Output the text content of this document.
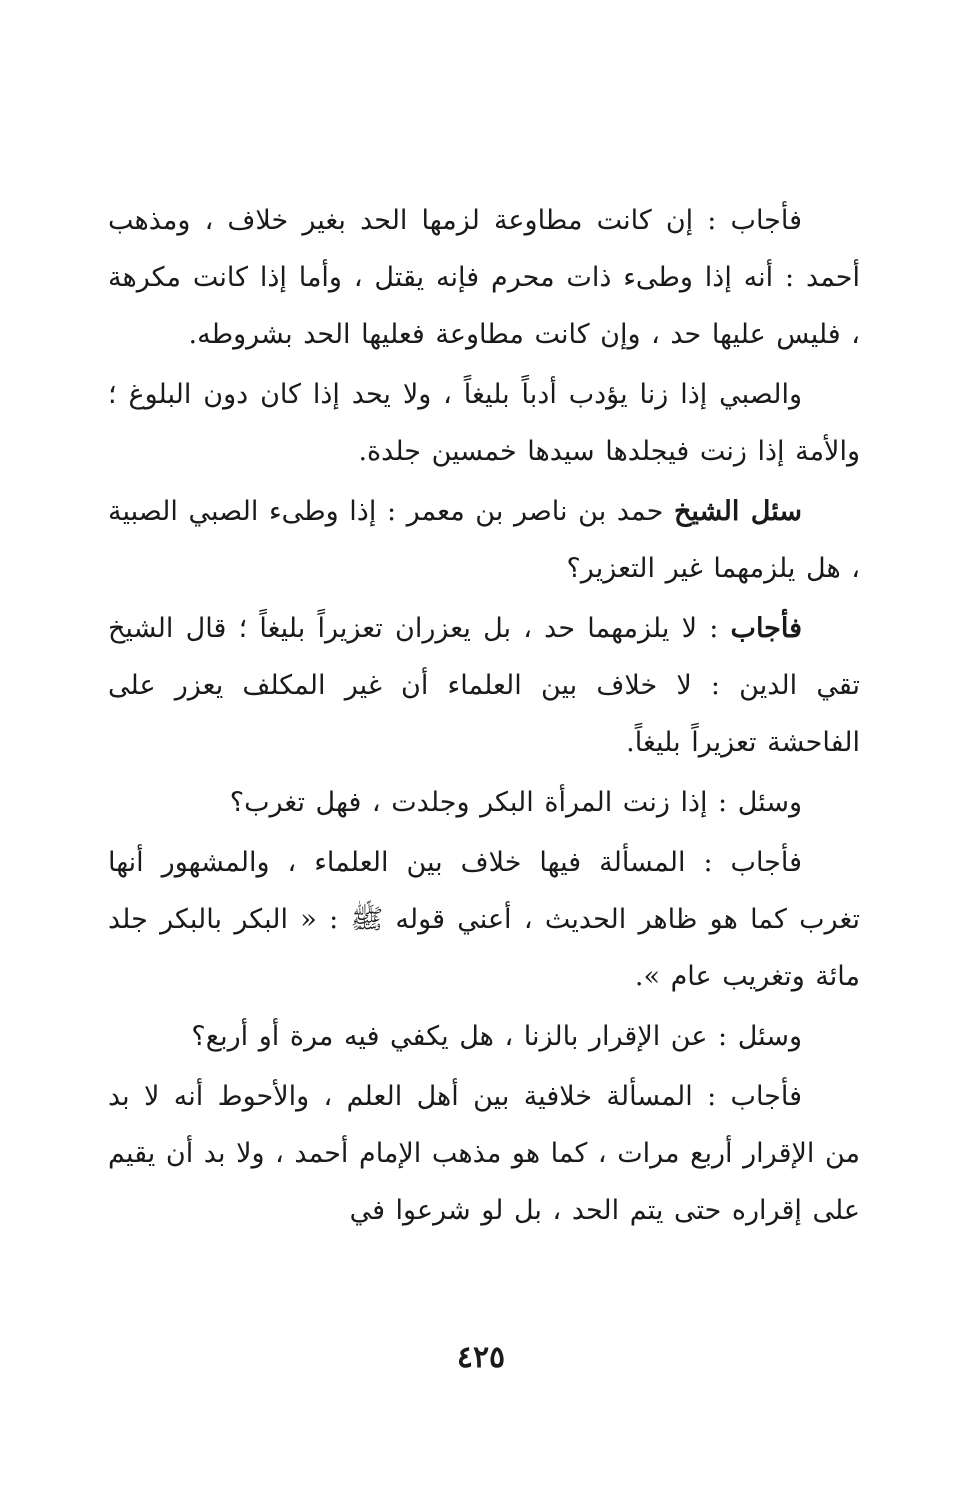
فأجاب : إن كانت مطاوعة لزمها الحد بغير خلاف ، ومذهب أحمد : أنه إذا وطىء ذات محرم فإنه يقتل ، وأما إذا كانت مكرهة ، فليس عليها حد ، وإن كانت مطاوعة فعليها الحد بشروطه.

والصبي إذا زنا يؤدب أدباً بليغاً ، ولا يحد إذا كان دون البلوغ ؛ والأمة إذا زنت فيجلدها سيدها خمسين جلدة.

سئل الشيخ حمد بن ناصر بن معمر : إذا وطىء الصبي الصبية ، هل يلزمهما غير التعزير؟

فأجاب : لا يلزمهما حد ، بل يعزران تعزيراً بليغاً ؛ قال الشيخ تقي الدين : لا خلاف بين العلماء أن غير المكلف يعزر على الفاحشة تعزيراً بليغاً.

وسئل : إذا زنت المرأة البكر وجلدت ، فهل تغرب؟

فأجاب : المسألة فيها خلاف بين العلماء ، والمشهور أنها تغرب كما هو ظاهر الحديث ، أعني قوله ﷺ : « البكر بالبكر جلد مائة وتغريب عام ».

وسئل : عن الإقرار بالزنا ، هل يكفي فيه مرة أو أربع؟

فأجاب : المسألة خلافية بين أهل العلم ، والأحوط أنه لا بد من الإقرار أربع مرات ، كما هو مذهب الإمام أحمد ، ولا بد أن يقيم على إقراره حتى يتم الحد ، بل لو شرعوا في

٤٢٥
